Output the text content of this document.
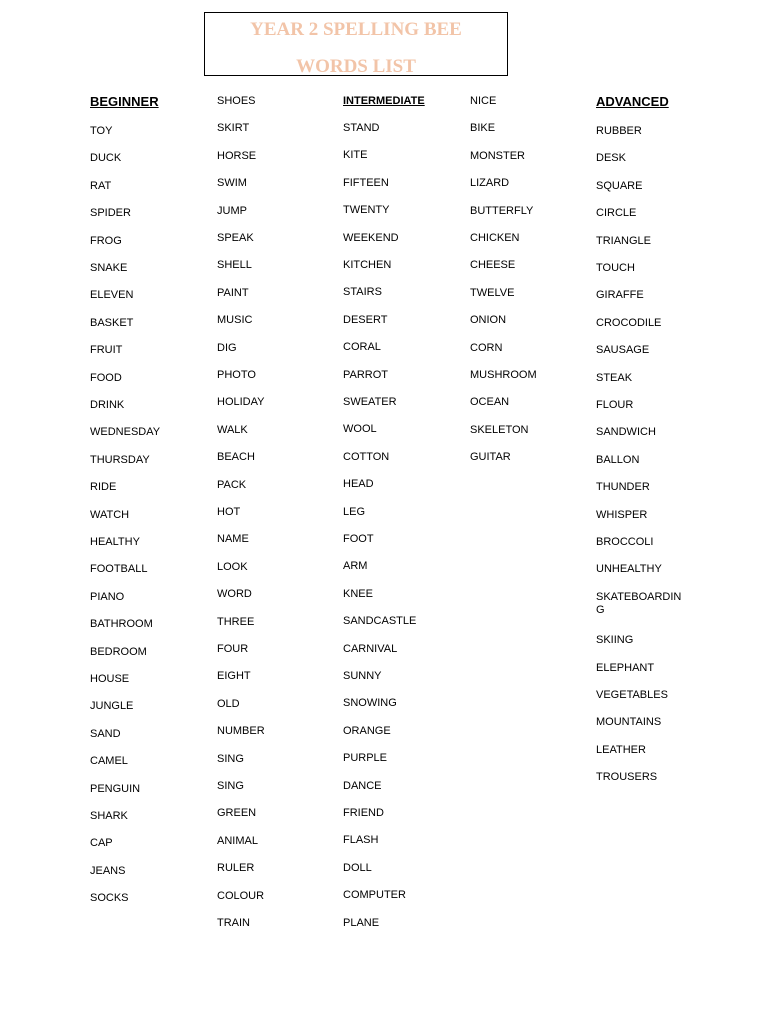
YEAR 2 SPELLING BEE
WORDS LIST
BEGINNER
TOY
DUCK
RAT
SPIDER
FROG
SNAKE
ELEVEN
BASKET
FRUIT
FOOD
DRINK
WEDNESDAY
THURSDAY
RIDE
WATCH
HEALTHY
FOOTBALL
PIANO
BATHROOM
BEDROOM
HOUSE
JUNGLE
SAND
CAMEL
PENGUIN
SHARK
CAP
JEANS
SOCKS
SHOES
SKIRT
HORSE
SWIM
JUMP
SPEAK
SHELL
PAINT
MUSIC
DIG
PHOTO
HOLIDAY
WALK
BEACH
PACK
HOT
NAME
LOOK
WORD
THREE
FOUR
EIGHT
OLD
NUMBER
SING
SING
GREEN
ANIMAL
RULER
COLOUR
TRAIN
INTERMEDIATE
STAND
KITE
FIFTEEN
TWENTY
WEEKEND
KITCHEN
STAIRS
DESERT
CORAL
PARROT
SWEATER
WOOL
COTTON
HEAD
LEG
FOOT
ARM
KNEE
SANDCASTLE
CARNIVAL
SUNNY
SNOWING
ORANGE
PURPLE
DANCE
FRIEND
FLASH
DOLL
COMPUTER
PLANE
NICE
BIKE
MONSTER
LIZARD
BUTTERFLY
CHICKEN
CHEESE
TWELVE
ONION
CORN
MUSHROOM
OCEAN
SKELETON
GUITAR
ADVANCED
RUBBER
DESK
SQUARE
CIRCLE
TRIANGLE
TOUCH
GIRAFFE
CROCODILE
SAUSAGE
STEAK
FLOUR
SANDWICH
BALLON
THUNDER
WHISPER
BROCCOLI
UNHEALTHY
SKATEBOARDING
SKIING
ELEPHANT
VEGETABLES
MOUNTAINS
LEATHER
TROUSERS
